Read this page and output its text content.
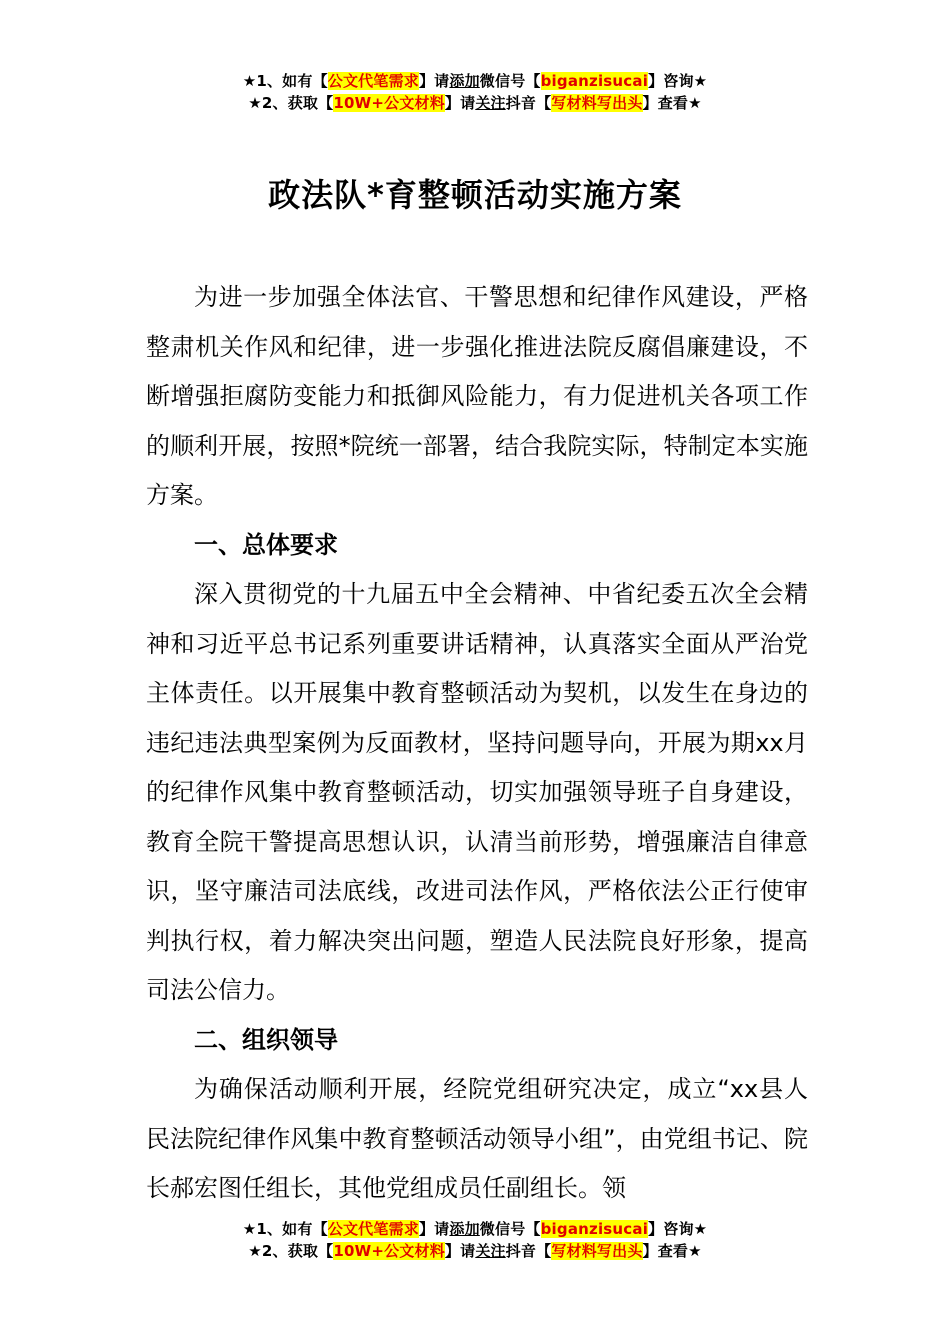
★1、如有【公文代笔需求】请添加微信号【biganzisucai】咨询★
★2、获取【10W+公文材料】请关注抖音【写材料写出头】查看★
政法队*育整顿活动实施方案

为进一步加强全体法官、干警思想和纪律作风建设，严格整肃机关作风和纪律，进一步强化推进法院反腐倡廉建设，不断增强拒腐防变能力和抵御风险能力，有力促进机关各项工作的顺利开展，按照*院统一部署，结合我院实际，特制定本实施方案。

一、总体要求

深入贯彻党的十九届五中全会精神、中省纪委五次全会精神和习近平总书记系列重要讲话精神，认真落实全面从严治党主体责任。以开展集中教育整顿活动为契机，以发生在身边的违纪违法典型案例为反面教材，坚持问题导向，开展为期xx月的纪律作风集中教育整顿活动，切实加强领导班子自身建设，教育全院干警提高思想认识，认清当前形势，增强廉洁自律意识，坚守廉洁司法底线，改进司法作风，严格依法公正行使审判执行权，着力解决突出问题，塑造人民法院良好形象，提高司法公信力。

二、组织领导

为确保活动顺利开展，经院党组研究决定，成立“xx县人民法院纪律作风集中教育整顿活动领导小组”，由党组书记、院长郝宏图任组长，其他党组成员任副组长。领

★1、如有【公文代笔需求】请添加微信号【biganzisucai】咨询★
★2、获取【10W+公文材料】请关注抖音【写材料写出头】查看★
